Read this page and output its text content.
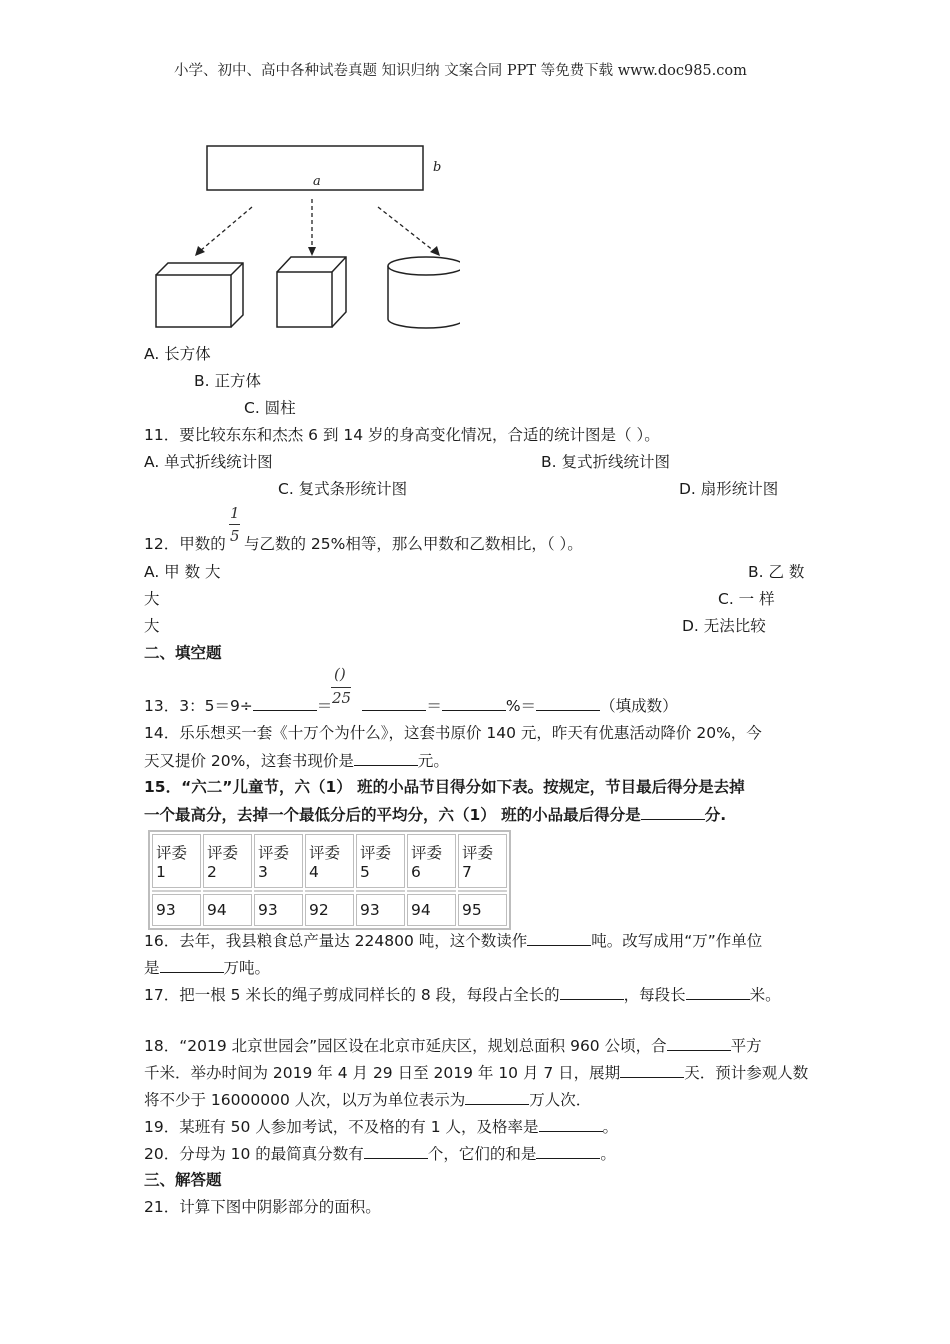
小学、初中、高中各种试卷真题 知识归纳 文案合同 PPT 等免费下载 www.doc985.com
a
b
A. 长方体
B. 正方体
C. 圆柱
11．要比较东东和杰杰 6 到 14 岁的身高变化情况，合适的统计图是（ ）。
A. 单式折线统计图	B. 复式折线统计图
C. 复式条形统计图	D. 扇形统计图
1
5
12．甲数的 与乙数的 25%相等，那么甲数和乙数相比，（ ）。
A. 甲 数 大	B. 乙 数
大	C. 一 样
大	D. 无法比较
二、填空题
()
25
13．3：5＝9÷	＝	＝	%＝	（填成数）
14．乐乐想买一套《十万个为什么》，这套书原价 140 元，昨天有优惠活动降价 20%，今
天又提价 20%，这套书现价是	元。
15．“六二”儿童节，六（1） 班的小品节目得分如下表。按规定，节目最后得分是去掉
一个最高分，去掉一个最低分后的平均分，六（1） 班的小品最后得分是	分.
评委 1	评委 2	评委 3	评委 4	评委 5	评委 6	评委 7

93	94	93	92	93	94	95
16．去年，我县粮食总产量达 224800 吨，这个数读作	吨。改写成用“万”作单位
是	万吨。
17．把一根 5 米长的绳子剪成同样长的 8 段，每段占全长的	，每段长	米。
18．“2019 北京世园会”园区设在北京市延庆区，规划总面积 960 公顷，合	平方
千米．举办时间为 2019 年 4 月 29 日至 2019 年 10 月 7 日，展期	天．预计参观人数
将不少于 16000000 人次，以万为单位表示为	万人次．
19．某班有 50 人参加考试，不及格的有 1 人，及格率是	。
20．分母为 10 的最简真分数有	个，它们的和是	。
三、解答题
21．计算下图中阴影部分的面积。
